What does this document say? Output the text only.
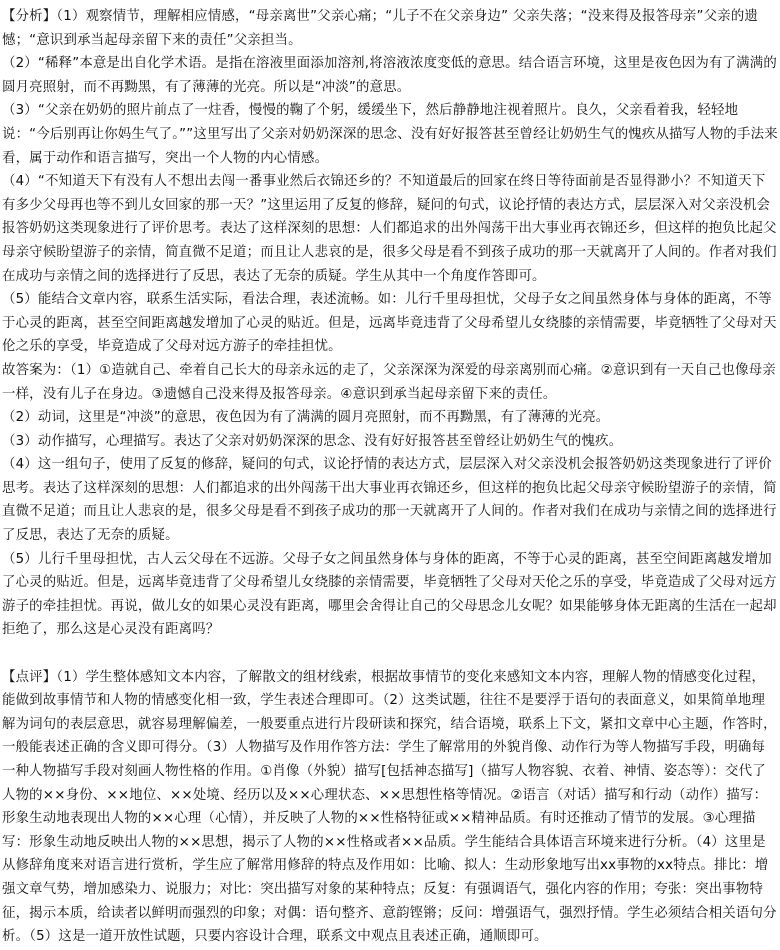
【分析】（1）观察情节，理解相应情感，“母亲离世”父亲心痛；“儿子不在父亲身边” 父亲失落；“没来得及报答母亲”父亲的遗憾；“意识到承当起母亲留下来的责任”父亲担当。

（2）“稀释”本意是出自化学术语。是指在溶液里面添加溶剂,将溶液浓度变低的意思。结合语言环境，这里是夜色因为有了满满的圆月亮照射，而不再黝黑，有了薄薄的光亮。所以是“冲淡”的意思。

（3）“父亲在奶奶的照片前点了一炷香，慢慢的鞠了个躬，缓缓坐下，然后静静地注视着照片。良久，父亲看着我，轻轻地说：“今后别再让你妈生气了。””这里写出了父亲对奶奶深深的思念、没有好好报答甚至曾经让奶奶生气的愧疚从描写人物的手法来看，属于动作和语言描写，突出一个人物的内心情感。

（4）“不知道天下有没有人不想出去闯一番事业然后衣锦还乡的？不知道最后的回家在终日等待面前是否显得渺小？不知道天下有多少父母再也等不到儿女回家的那一天？”这里运用了反复的修辞，疑问的句式，议论抒情的表达方式，层层深入对父亲没机会报答奶奶这类现象进行了评价思考。表达了这样深刻的思想：人们都追求的出外闯荡干出大事业再衣锦还乡，但这样的抱负比起父母亲守候盼望游子的亲情，简直微不足道；而且让人悲哀的是，很多父母是看不到孩子成功的那一天就离开了人间的。作者对我们在成功与亲情之间的选择进行了反思，表达了无奈的质疑。学生从其中一个角度作答即可。

（5）能结合文章内容，联系生活实际，看法合理，表述流畅。如：儿行千里母担忧，父母子女之间虽然身体与身体的距离，不等于心灵的距离，甚至空间距离越发增加了心灵的贴近。但是，远离毕竟违背了父母希望儿女绕膝的亲情需要，毕竟牺牲了父母对天伦之乐的享受，毕竟造成了父母对远方游子的牵挂担忧。

故答案为：（1）①造就自己、牵着自己长大的母亲永远的走了，父亲深深为深爱的母亲离别而心痛。②意识到有一天自己也像母亲一样，没有儿子在身边。③遗憾自己没来得及报答母亲。④意识到承当起母亲留下来的责任。

（2）动词，这里是“冲淡”的意思，夜色因为有了满满的圆月亮照射，而不再黝黑，有了薄薄的光亮。

（3）动作描写，心理描写。表达了父亲对奶奶深深的思念、没有好好报答甚至曾经让奶奶生气的愧疚。

（4）这一组句子，使用了反复的修辞，疑问的句式，议论抒情的表达方式，层层深入对父亲没机会报答奶奶这类现象进行了评价思考。表达了这样深刻的思想：人们都追求的出外闯荡干出大事业再衣锦还乡，但这样的抱负比起父母亲守候盼望游子的亲情，简直微不足道；而且让人悲哀的是，很多父母是看不到孩子成功的那一天就离开了人间的。作者对我们在成功与亲情之间的选择进行了反思，表达了无奈的质疑。

（5）儿行千里母担忧，古人云父母在不远游。父母子女之间虽然身体与身体的距离，不等于心灵的距离，甚至空间距离越发增加了心灵的贴近。但是，远离毕竟违背了父母希望儿女绕膝的亲情需要，毕竟牺牲了父母对天伦之乐的享受，毕竟造成了父母对远方游子的牵挂担忧。再说，做儿女的如果心灵没有距离，哪里会舍得让自己的父母思念儿女呢？如果能够身体无距离的生活在一起却拒绝了，那么这是心灵没有距离吗？

【点评】（1）学生整体感知文本内容，了解散文的组材线索，根据故事情节的变化来感知文本内容，理解人物的情感变化过程，能做到故事情节和人物的情感变化相一致，学生表述合理即可。（2）这类试题，往往不是要浮于语句的表面意义，如果简单地理解为词句的表层意思，就容易理解偏差，一般要重点进行片段研读和探究，结合语境，联系上下文，紧扣文章中心主题，作答时，一般能表述正确的含义即可得分。（3）人物描写及作用作答方法：学生了解常用的外貌肖像、动作行为等人物描写手段，明确每一种人物描写手段对刻画人物性格的作用。①肖像（外貌）描写[包括神态描写]（描写人物容貌、衣着、神情、姿态等）：交代了人物的××身份、××地位、××处境、经历以及××心理状态、××思想性格等情况。②语言（对话）描写和行动（动作）描写：形象生动地表现出人物的××心理（心情），并反映了人物的××性格特征或××精神品质。有时还推动了情节的发展。③心理描写：形象生动地反映出人物的××思想，揭示了人物的××性格或者××品质。学生能结合具体语言环境来进行分析。（4）这里是从修辞角度来对语言进行赏析，学生应了解常用修辞的特点及作用如：比喻、拟人：生动形象地写出xx事物的xx特点。排比：增强文章气势，增加感染力、说服力；对比：突出描写对象的某种特点；反复：有强调语气，强化内容的作用；夸张：突出事物特征，揭示本质，给读者以鲜明而强烈的印象；对偶：语句整齐、意韵铿锵；反问：增强语气，强烈抒情。学生必须结合相关语句分析。（5）这是一道开放性试题，只要内容设计合理，联系文中观点且表述正确，通顺即可。
